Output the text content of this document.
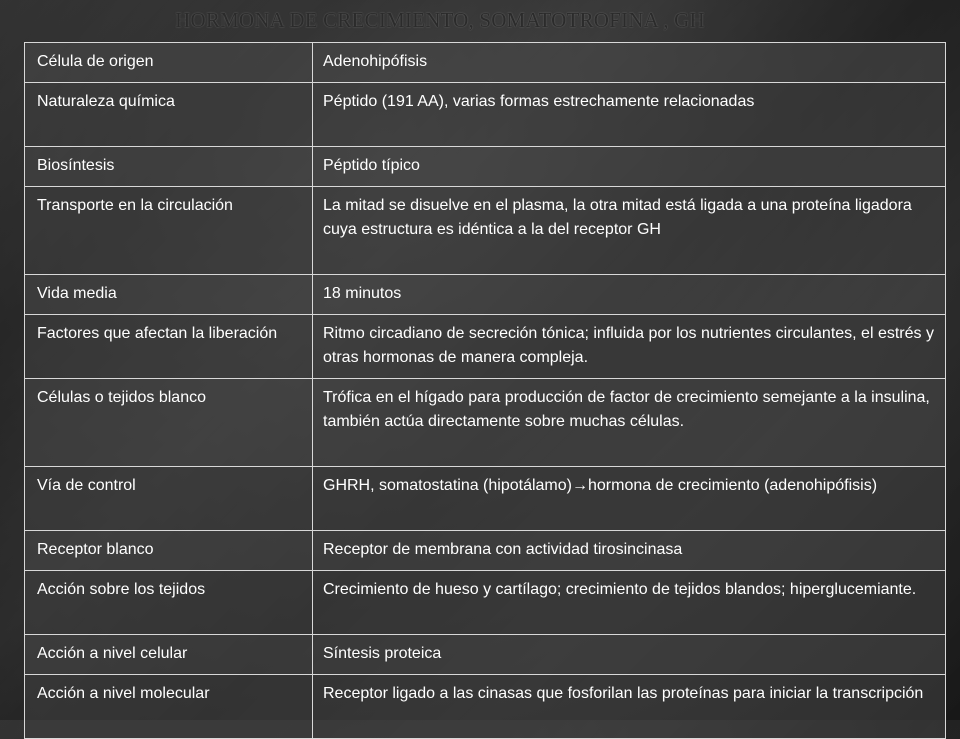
HORMONA DE CRECIMIENTO, SOMATOTROFINA , GH
Célula de origen	Adenohipófisis
Naturaleza química	Péptido (191 AA), varias formas estrechamente relacionadas
Biosíntesis	Péptido típico
Transporte en la circulación	La mitad se disuelve en el plasma, la otra mitad está ligada a una proteína ligadora cuya estructura es idéntica a la del receptor GH
Vida media	18 minutos
Factores que afectan la liberación	Ritmo circadiano de secreción tónica; influida por los nutrientes circulantes, el estrés y otras hormonas de manera compleja.
Células o tejidos blanco	Trófica en el hígado para producción de factor de crecimiento semejante a la insulina, también actúa directamente sobre muchas células.
Vía de control	GHRH, somatostatina (hipotálamo)→hormona de crecimiento (adenohipófisis)
Receptor blanco	Receptor de membrana con actividad tirosincinasa
Acción sobre los tejidos	Crecimiento de hueso y cartílago; crecimiento de tejidos blandos; hiperglucemiante.
Acción a nivel celular	Síntesis proteica
Acción a nivel molecular	Receptor ligado a las cinasas que fosforilan las proteínas para iniciar la transcripción
